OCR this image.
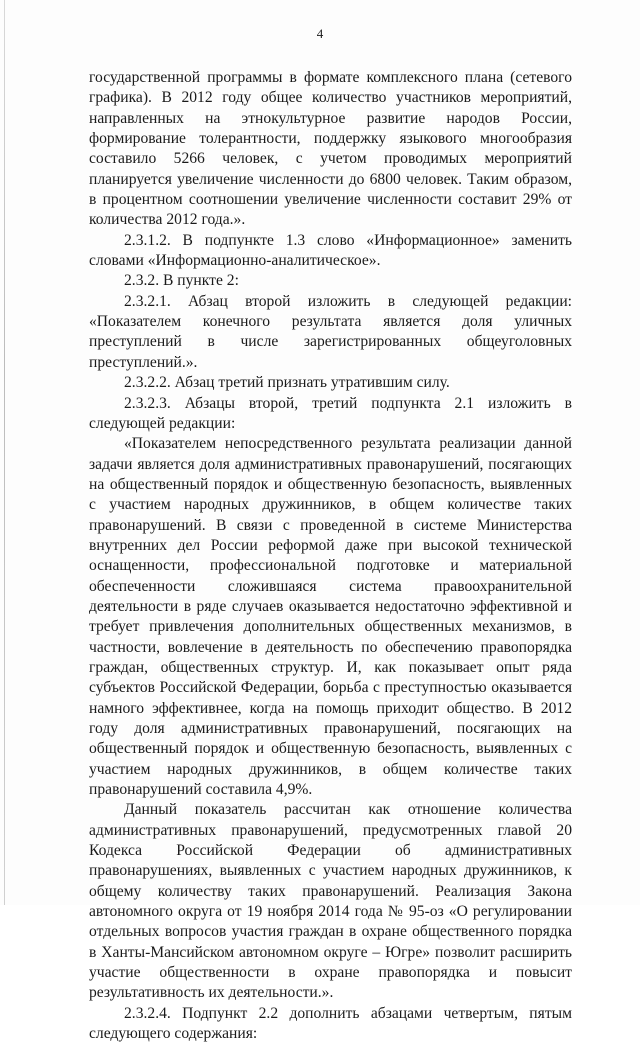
4

государственной программы в формате комплексного плана (сетевого графика). В 2012 году общее количество участников мероприятий, направленных на этнокультурное развитие народов России, формирование толерантности, поддержку языкового многообразия составило 5266 человек, с учетом проводимых мероприятий планируется увеличение численности до 6800 человек. Таким образом, в процентном соотношении увеличение численности составит 29% от количества 2012 года.».

2.3.1.2. В подпункте 1.3 слово «Информационное» заменить словами «Информационно-аналитическое».

2.3.2. В пункте 2:

2.3.2.1. Абзац второй изложить в следующей редакции: «Показателем конечного результата является доля уличных преступлений в числе зарегистрированных общеуголовных преступлений.».

2.3.2.2. Абзац третий признать утратившим силу.

2.3.2.3. Абзацы второй, третий подпункта 2.1 изложить в следующей редакции:

«Показателем непосредственного результата реализации данной задачи является доля административных правонарушений, посягающих на общественный порядок и общественную безопасность, выявленных с участием народных дружинников, в общем количестве таких правонарушений. В связи с проведенной в системе Министерства внутренних дел России реформой даже при высокой технической оснащенности, профессиональной подготовке и материальной обеспеченности сложившаяся система правоохранительной деятельности в ряде случаев оказывается недостаточно эффективной и требует привлечения дополнительных общественных механизмов, в частности, вовлечение в деятельность по обеспечению правопорядка граждан, общественных структур. И, как показывает опыт ряда субъектов Российской Федерации, борьба с преступностью оказывается намного эффективнее, когда на помощь приходит общество. В 2012 году доля административных правонарушений, посягающих на общественный порядок и общественную безопасность, выявленных с участием народных дружинников, в общем количестве таких правонарушений составила 4,9%.

Данный показатель рассчитан как отношение количества административных правонарушений, предусмотренных главой 20 Кодекса Российской Федерации об административных правонарушениях, выявленных с участием народных дружинников, к общему количеству таких правонарушений. Реализация Закона автономного округа от 19 ноября 2014 года № 95-оз «О регулировании отдельных вопросов участия граждан в охране общественного порядка в Ханты-Мансийском автономном округе – Югре» позволит расширить участие общественности в охране правопорядка и повысит результативность их деятельности.».

2.3.2.4. Подпункт 2.2 дополнить абзацами четвертым, пятым следующего содержания:
